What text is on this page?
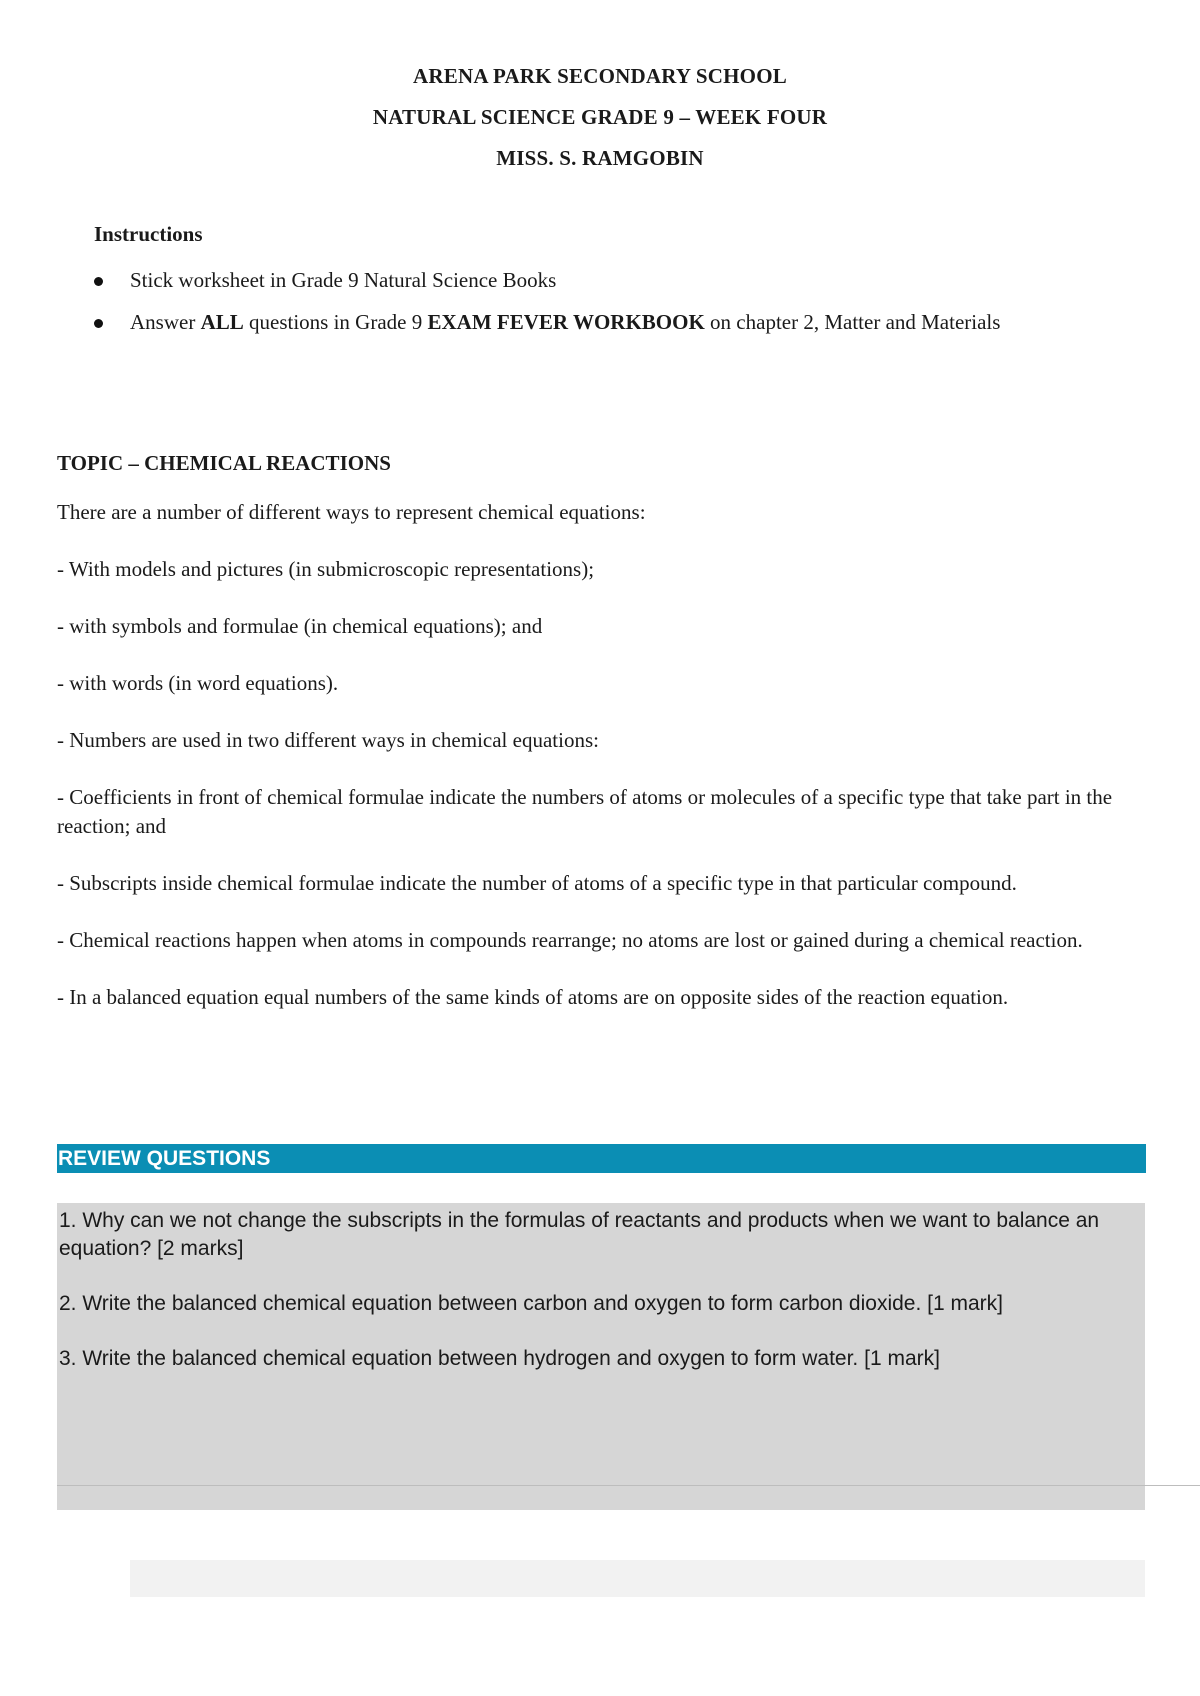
ARENA PARK SECONDARY SCHOOL
NATURAL SCIENCE GRADE 9 – WEEK FOUR
MISS. S. RAMGOBIN
Instructions
Stick worksheet in Grade 9 Natural Science Books
Answer ALL questions in Grade 9 EXAM FEVER WORKBOOK on chapter 2, Matter and Materials
TOPIC – CHEMICAL REACTIONS

There are a number of different ways to represent chemical equations:

- With models and pictures (in submicroscopic representations);

- with symbols and formulae (in chemical equations); and

- with words (in word equations).

- Numbers are used in two different ways in chemical equations:

- Coefficients in front of chemical formulae indicate the numbers of atoms or molecules of a specific type that take part in the reaction; and

- Subscripts inside chemical formulae indicate the number of atoms of a specific type in that particular compound.

- Chemical reactions happen when atoms in compounds rearrange; no atoms are lost or gained during a chemical reaction.

- In a balanced equation equal numbers of the same kinds of atoms are on opposite sides of the reaction equation.

REVIEW QUESTIONS

1. Why can we not change the subscripts in the formulas of reactants and products when we want to balance an equation? [2 marks]

2. Write the balanced chemical equation between carbon and oxygen to form carbon dioxide. [1 mark]

3. Write the balanced chemical equation between hydrogen and oxygen to form water. [1 mark]
